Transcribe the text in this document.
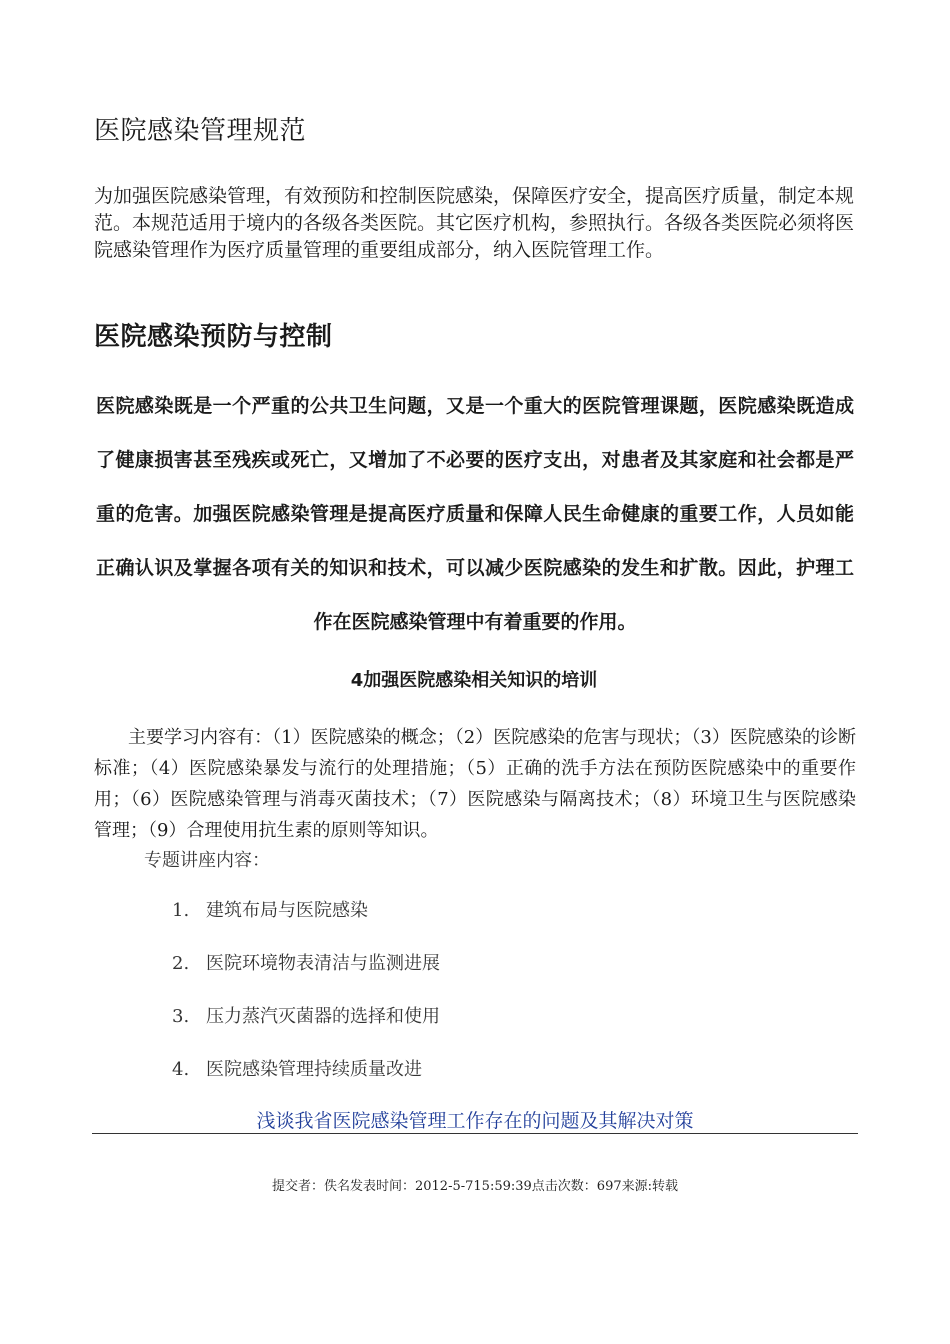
医院感染管理规范

为加强医院感染管理，有效预防和控制医院感染，保障医疗安全，提高医疗质量，制定本规范。本规范适用于境内的各级各类医院。其它医疗机构，参照执行。各级各类医院必须将医院感染管理作为医疗质量管理的重要组成部分，纳入医院管理工作。

医院感染预防与控制

医院感染既是一个严重的公共卫生问题，又是一个重大的医院管理课题，医院感染既造成了健康损害甚至残疾或死亡，又增加了不必要的医疗支出，对患者及其家庭和社会都是严重的危害。加强医院感染管理是提高医疗质量和保障人民生命健康的重要工作，人员如能正确认识及掌握各项有关的知识和技术，可以减少医院感染的发生和扩散。因此，护理工作在医院感染管理中有着重要的作用。

4加强医院感染相关知识的培训

主要学习内容有：（1）医院感染的概念；（2）医院感染的危害与现状；（3）医院感染的诊断标准；（4）医院感染暴发与流行的处理措施；（5）正确的洗手方法在预防医院感染中的重要作用；（6）医院感染管理与消毒灭菌技术；（7）医院感染与隔离技术；（8）环境卫生与医院感染管理；（9）合理使用抗生素的原则等知识。

专题讲座内容：
1. 建筑布局与医院感染
2. 医院环境物表清洁与监测进展
3. 压力蒸汽灭菌器的选择和使用
4. 医院感染管理持续质量改进
浅谈我省医院感染管理工作存在的问题及其解决对策
提交者：佚名发表时间：2012-5-715:59:39点击次数：697来源:转载
